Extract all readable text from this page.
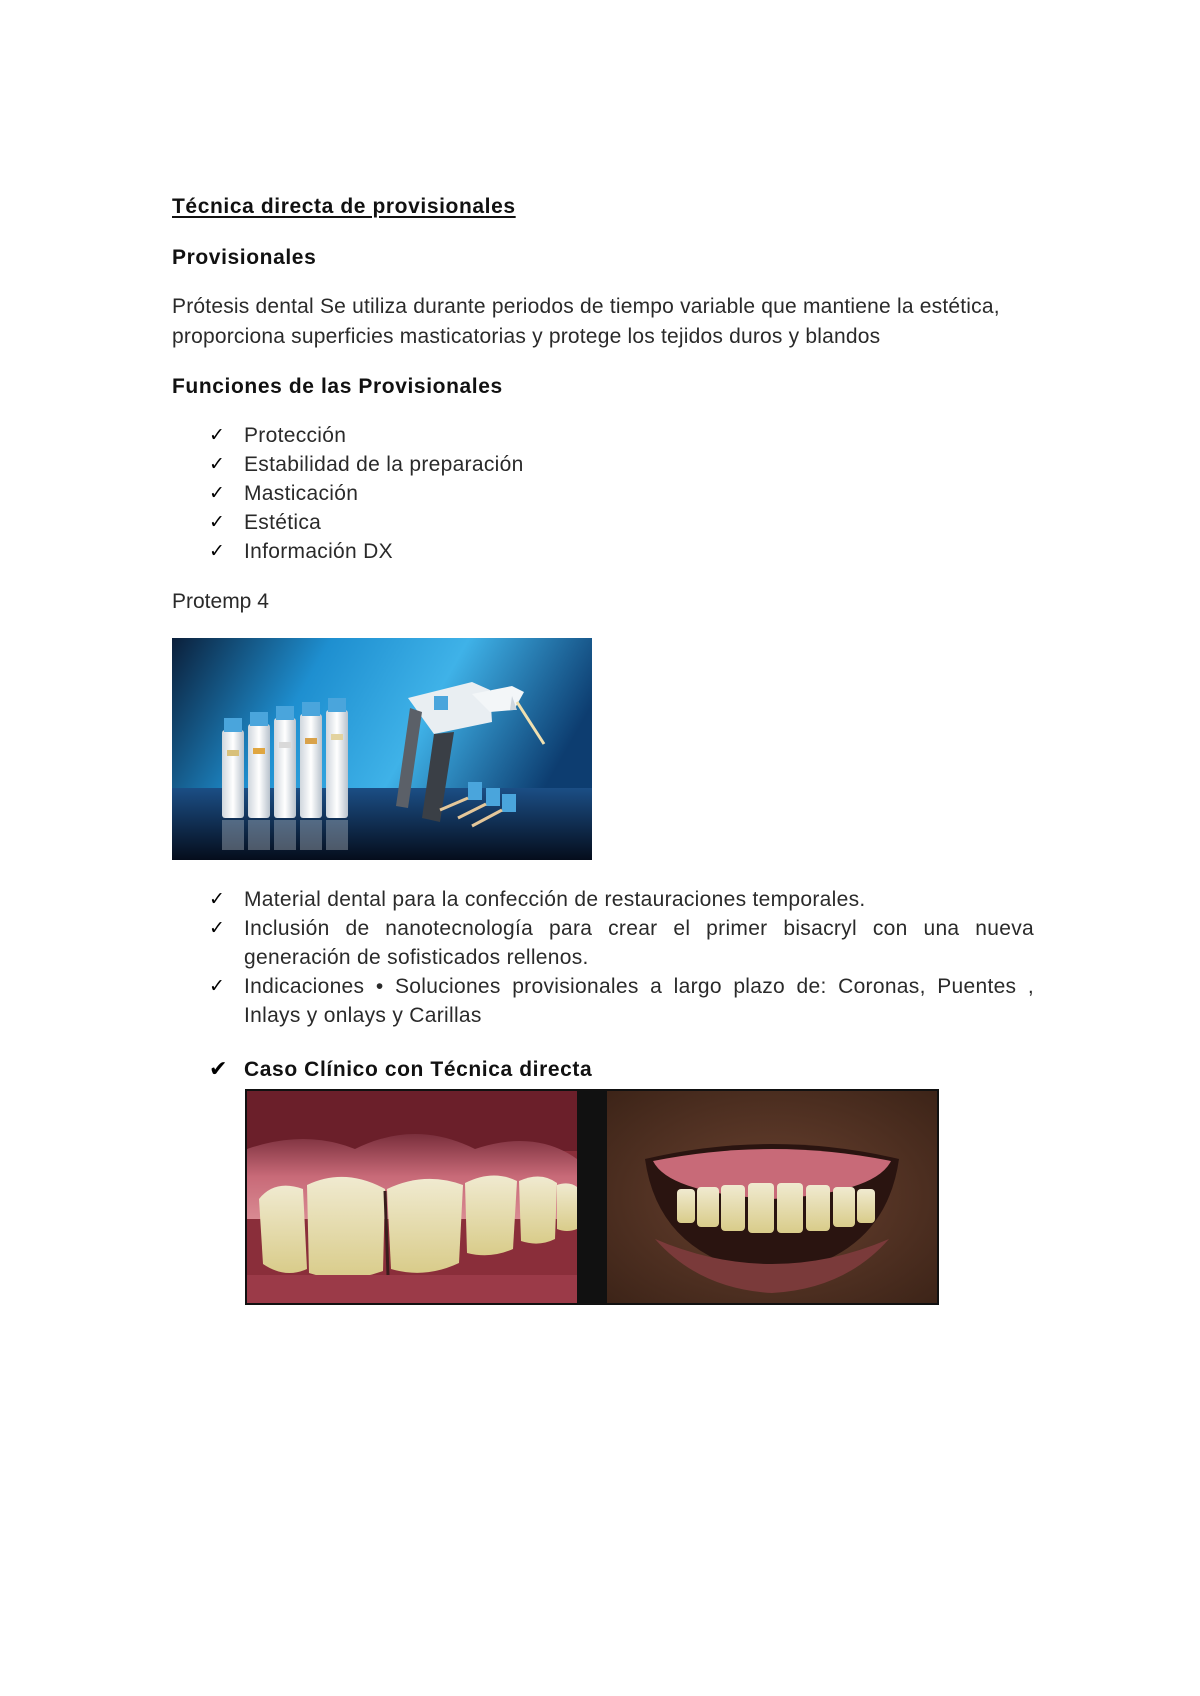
Técnica directa de provisionales

Provisionales

Prótesis dental Se utiliza durante periodos de tiempo variable que mantiene la estética,
proporciona superficies masticatorias y protege los tejidos duros y blandos

Funciones de las Provisionales

✓ Protección
✓ Estabilidad de la preparación
✓ Masticación
✓ Estética
✓ Información DX

Protemp 4

✓ Material dental para la confección de restauraciones temporales.
✓ Inclusión de nanotecnología para crear el primer bisacryl con una nueva generación de sofisticados rellenos.
✓ Indicaciones • Soluciones provisionales a largo plazo de: Coronas, Puentes , Inlays y onlays y Carillas
✔ Caso Clínico con Técnica directa
